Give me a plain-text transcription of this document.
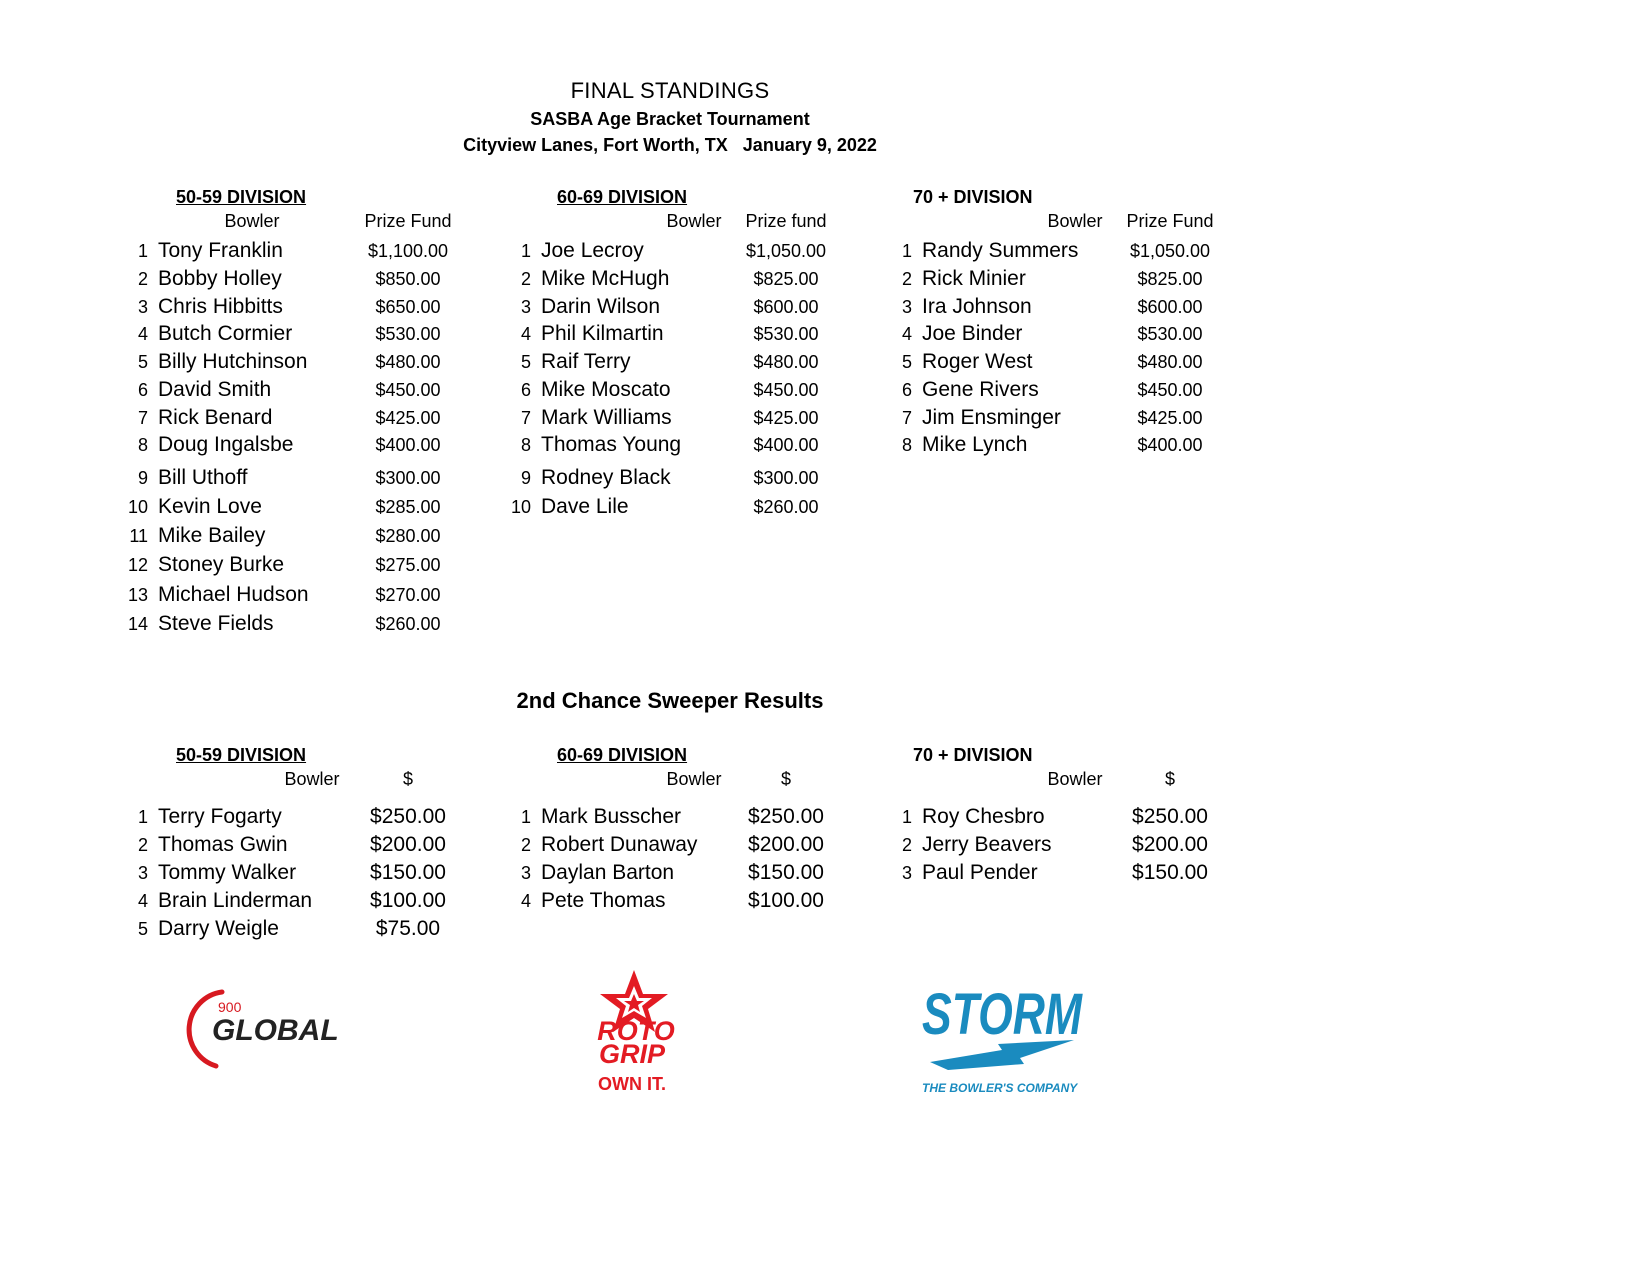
FINAL STANDINGS
SASBA Age Bracket Tournament
Cityview Lanes, Fort Worth, TX   January 9, 2022
50-59 DIVISION
Bowler	Prize Fund
1 Tony Franklin	$1,100.00
2 Bobby Holley	$850.00
3 Chris Hibbitts	$650.00
4 Butch Cormier	$530.00
5 Billy Hutchinson	$480.00
6 David Smith	$450.00
7 Rick Benard	$425.00
8 Doug Ingalsbe	$400.00
9 Bill Uthoff	$300.00
10 Kevin Love	$285.00
11 Mike Bailey	$280.00
12 Stoney Burke	$275.00
13 Michael Hudson	$270.00
14 Steve Fields	$260.00
60-69 DIVISION
Bowler	Prize fund
1 Joe Lecroy	$1,050.00
2 Mike McHugh	$825.00
3 Darin Wilson	$600.00
4 Phil Kilmartin	$530.00
5 Raif Terry	$480.00
6 Mike Moscato	$450.00
7 Mark Williams	$425.00
8 Thomas Young	$400.00
9 Rodney Black	$300.00
10 Dave Lile	$260.00
70 + DIVISION
Bowler	Prize Fund
1 Randy Summers	$1,050.00
2 Rick Minier	$825.00
3 Ira Johnson	$600.00
4 Joe Binder	$530.00
5 Roger West	$480.00
6 Gene Rivers	$450.00
7 Jim Ensminger	$425.00
8 Mike Lynch	$400.00
2nd Chance Sweeper Results
50-59 DIVISION
Bowler	$
1 Terry Fogarty	$250.00
2 Thomas Gwin	$200.00
3 Tommy Walker	$150.00
4 Brain Linderman	$100.00
5 Darry Weigle	$75.00
60-69 DIVISION
Bowler	$
1 Mark Busscher	$250.00
2 Robert Dunaway	$200.00
3 Daylan Barton	$150.00
4 Pete Thomas	$100.00
70 + DIVISION
Bowler	$
1 Roy Chesbro	$250.00
2 Jerry Beavers	$200.00
3 Paul Pender	$150.00
900
GLOBAL	ROTO
GRIP
OWN IT.
STORM
THE BOWLER'S COMPANY
